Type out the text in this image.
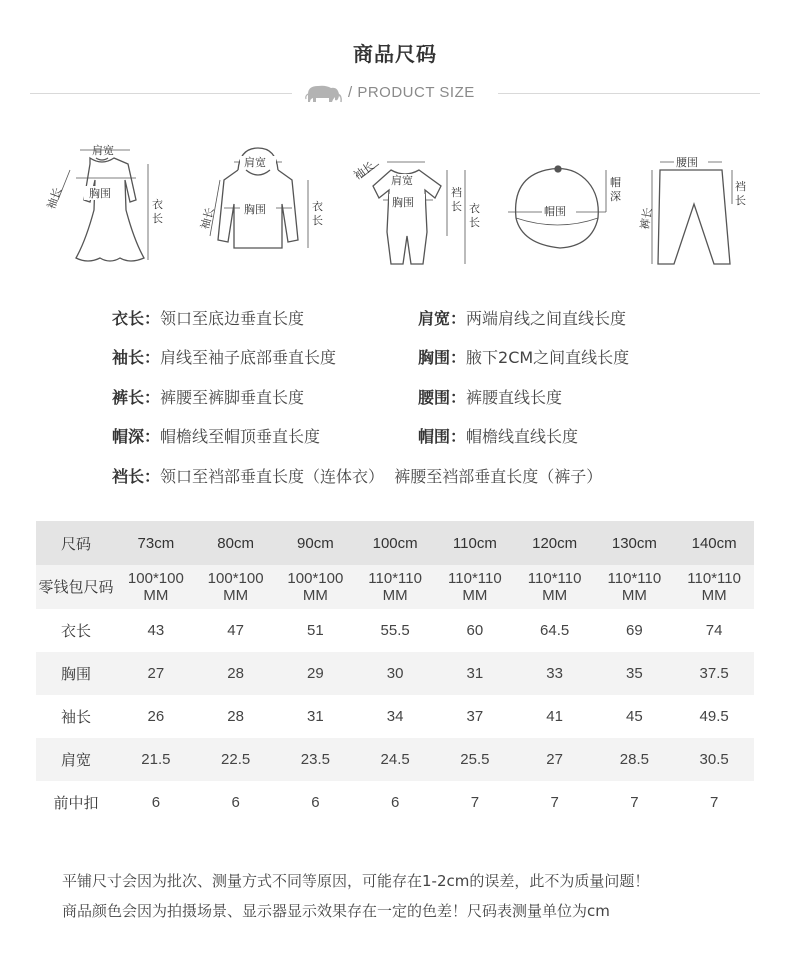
商品尺码
/ PRODUCT SIZE
肩宽
胸围
衣
长
袖长
肩宽
胸围	衣
长
袖长
肩宽
胸围
袖长
裆
长 衣
长
帽围
帽
深
腰围
裤长
裆
长
衣长：领口至底边垂直长度	肩宽：两端肩线之间直线长度
袖长：肩线至袖子底部垂直长度	胸围：腋下2CM之间直线长度
裤长：裤腰至裤脚垂直长度	腰围：裤腰直线长度
帽深：帽檐线至帽顶垂直长度	帽围：帽檐线直线长度
裆长：领口至裆部垂直长度（连体衣）  裤腰至裆部垂直长度（裤子）
尺码	73cm	80cm	90cm	100cm	110cm	120cm	130cm	140cm
零钱包尺码	100*100 MM	100*100 MM	100*100 MM	110*110 MM	110*110 MM	110*110 MM	110*110 MM	110*110 MM
衣长	43	47	51	55.5	60	64.5	69	74
胸围	27	28	29	30	31	33	35	37.5
袖长	26	28	31	34	37	41	45	49.5
肩宽	21.5	22.5	23.5	24.5	25.5	27	28.5	30.5
前中扣	6	6	6	6	7	7	7	7

平铺尺寸会因为批次、测量方式不同等原因，可能存在1-2cm的误差，此不为质量问题！

商品颜色会因为拍摄场景、显示器显示效果存在一定的色差！尺码表测量单位为cm
